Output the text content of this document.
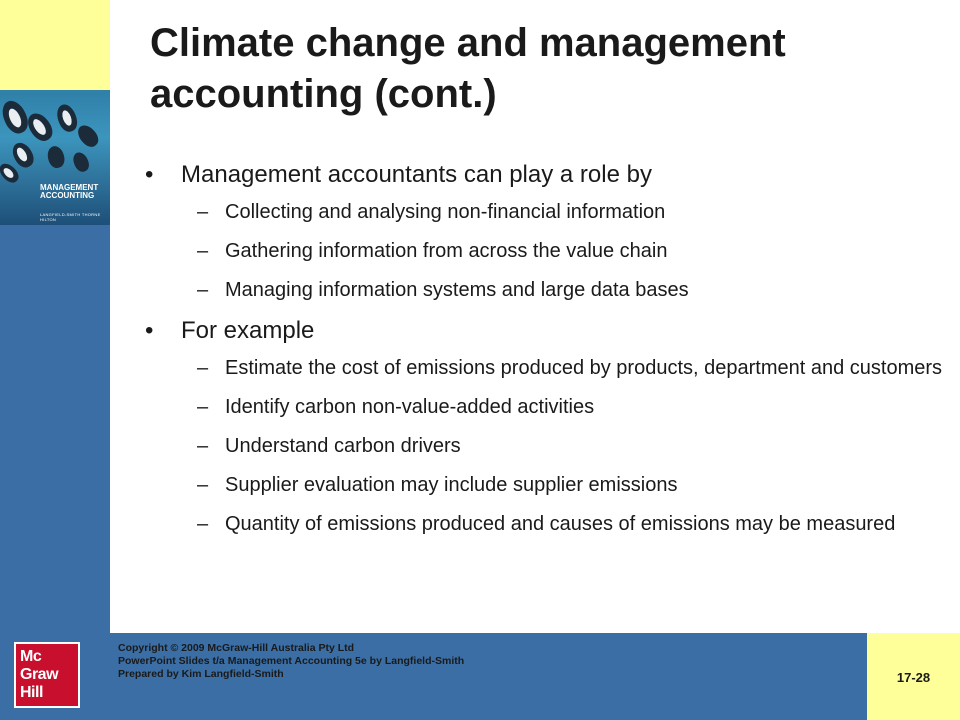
MANAGEMENT
ACCOUNTING
LANGFIELD-SMITH THORNE HILTON
Climate change and management
accounting (cont.)
• Management accountants can play a role by
– Collecting and analysing non-financial information
– Gathering information from across the value chain
– Managing information systems and large data bases
• For example
– Estimate the cost of emissions produced by products, department and customers
– Identify carbon non-value-added activities
– Understand carbon drivers
– Supplier evaluation may include supplier emissions
– Quantity of emissions produced and causes of emissions may be measured
Mc
Graw
Hill
Copyright © 2009 McGraw-Hill Australia Pty Ltd
PowerPoint Slides t/a Management Accounting 5e by Langfield-Smith
Prepared by Kim Langfield-Smith	17-28
